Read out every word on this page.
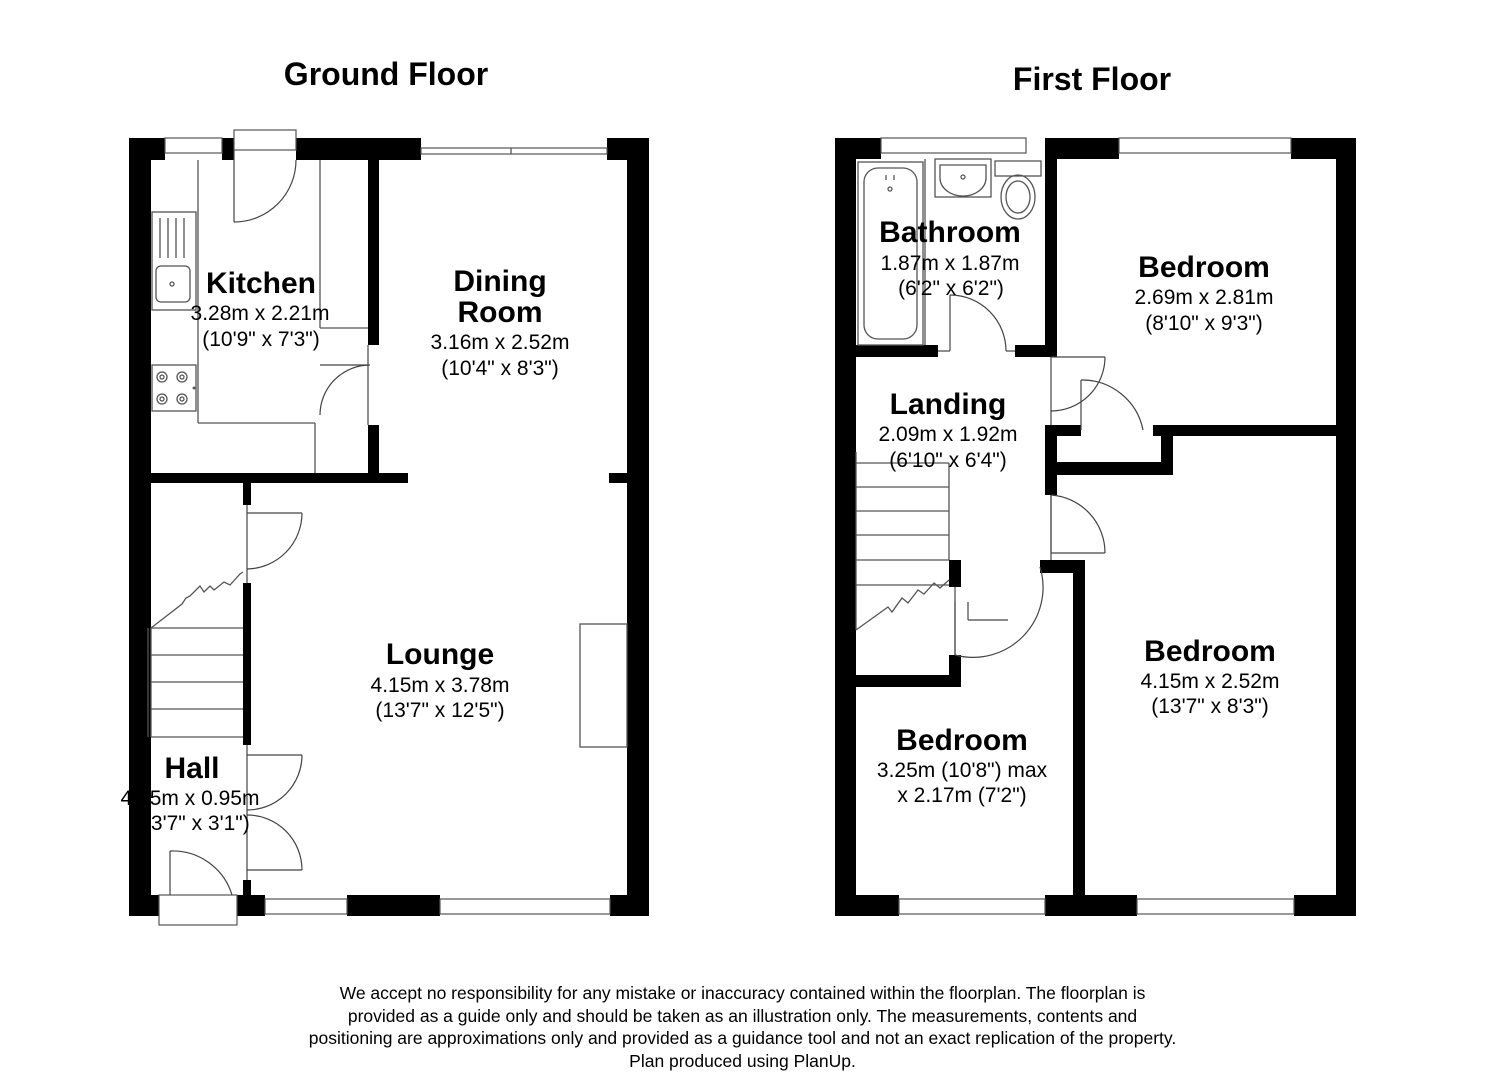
Ground Floor
Kitchen
3.28m x 2.21m
(10'9" x 7'3")
Dining
Room
3.16m x 2.52m
(10'4" x 8'3")
Lounge
4.15m x 3.78m
(13'7" x 12'5")
Hall
4.15m x 0.95m
(13'7" x 3'1")
First Floor
Bathroom
1.87m x 1.87m
(6'2" x 6'2")
Bedroom
2.69m x 2.81m
(8'10" x 9'3")
Landing
2.09m x 1.92m
(6'10" x 6'4")
Bedroom
4.15m x 2.52m
(13'7" x 8'3")
Bedroom
3.25m (10'8") max
x 2.17m (7'2")
We accept no responsibility for any mistake or inaccuracy contained within the floorplan. The floorplan is
provided as a guide only and should be taken as an illustration only. The measurements, contents and
positioning are approximations only and provided as a guidance tool and not an exact replication of the property.
Plan produced using PlanUp.
